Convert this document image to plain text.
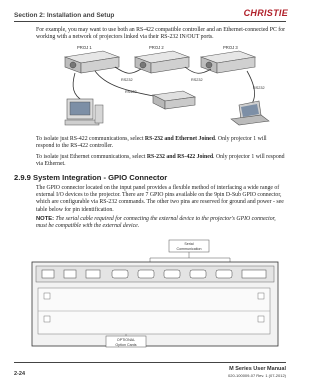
Section 2: Installation and Setup	CHRISTIE
For example, you may want to use both an RS-422 compatible controller and an Ethernet-connected PC for working with a network of projectors linked via their RS-232 IN/OUT ports.
PROJ 1	PROJ 2	PROJ 3
RS232	RS232
RS422
RS232
To isolate just RS-422 communications, select RS-232 and Ethernet Joined. Only projector 1 will respond to the RS-422 controller.
To isolate just Ethernet communications, select RS-232 and RS-422 Joined. Only projector 1 will respond via Ethernet.
2.9.9 System Integration - GPIO Connector
The GPIO connector located on the input panel provides a flexible method of interfacing a wide range of external I/O devices to the projector. There are 7 GPIO pins available on the 9pin D-Sub GPIO connector, which are configurable via RS-232 commands. The other two pins are reserved for ground and power - see table below for pin identification.
NOTE: The serial cable required for connecting the external device to the projector's GPIO connector, must be compatible with the external device.
Serial
Communication
OPTIONAL
Option Cards
2-24
M Series User Manual
020-100009-07 Rev. 1 (07-2012)
